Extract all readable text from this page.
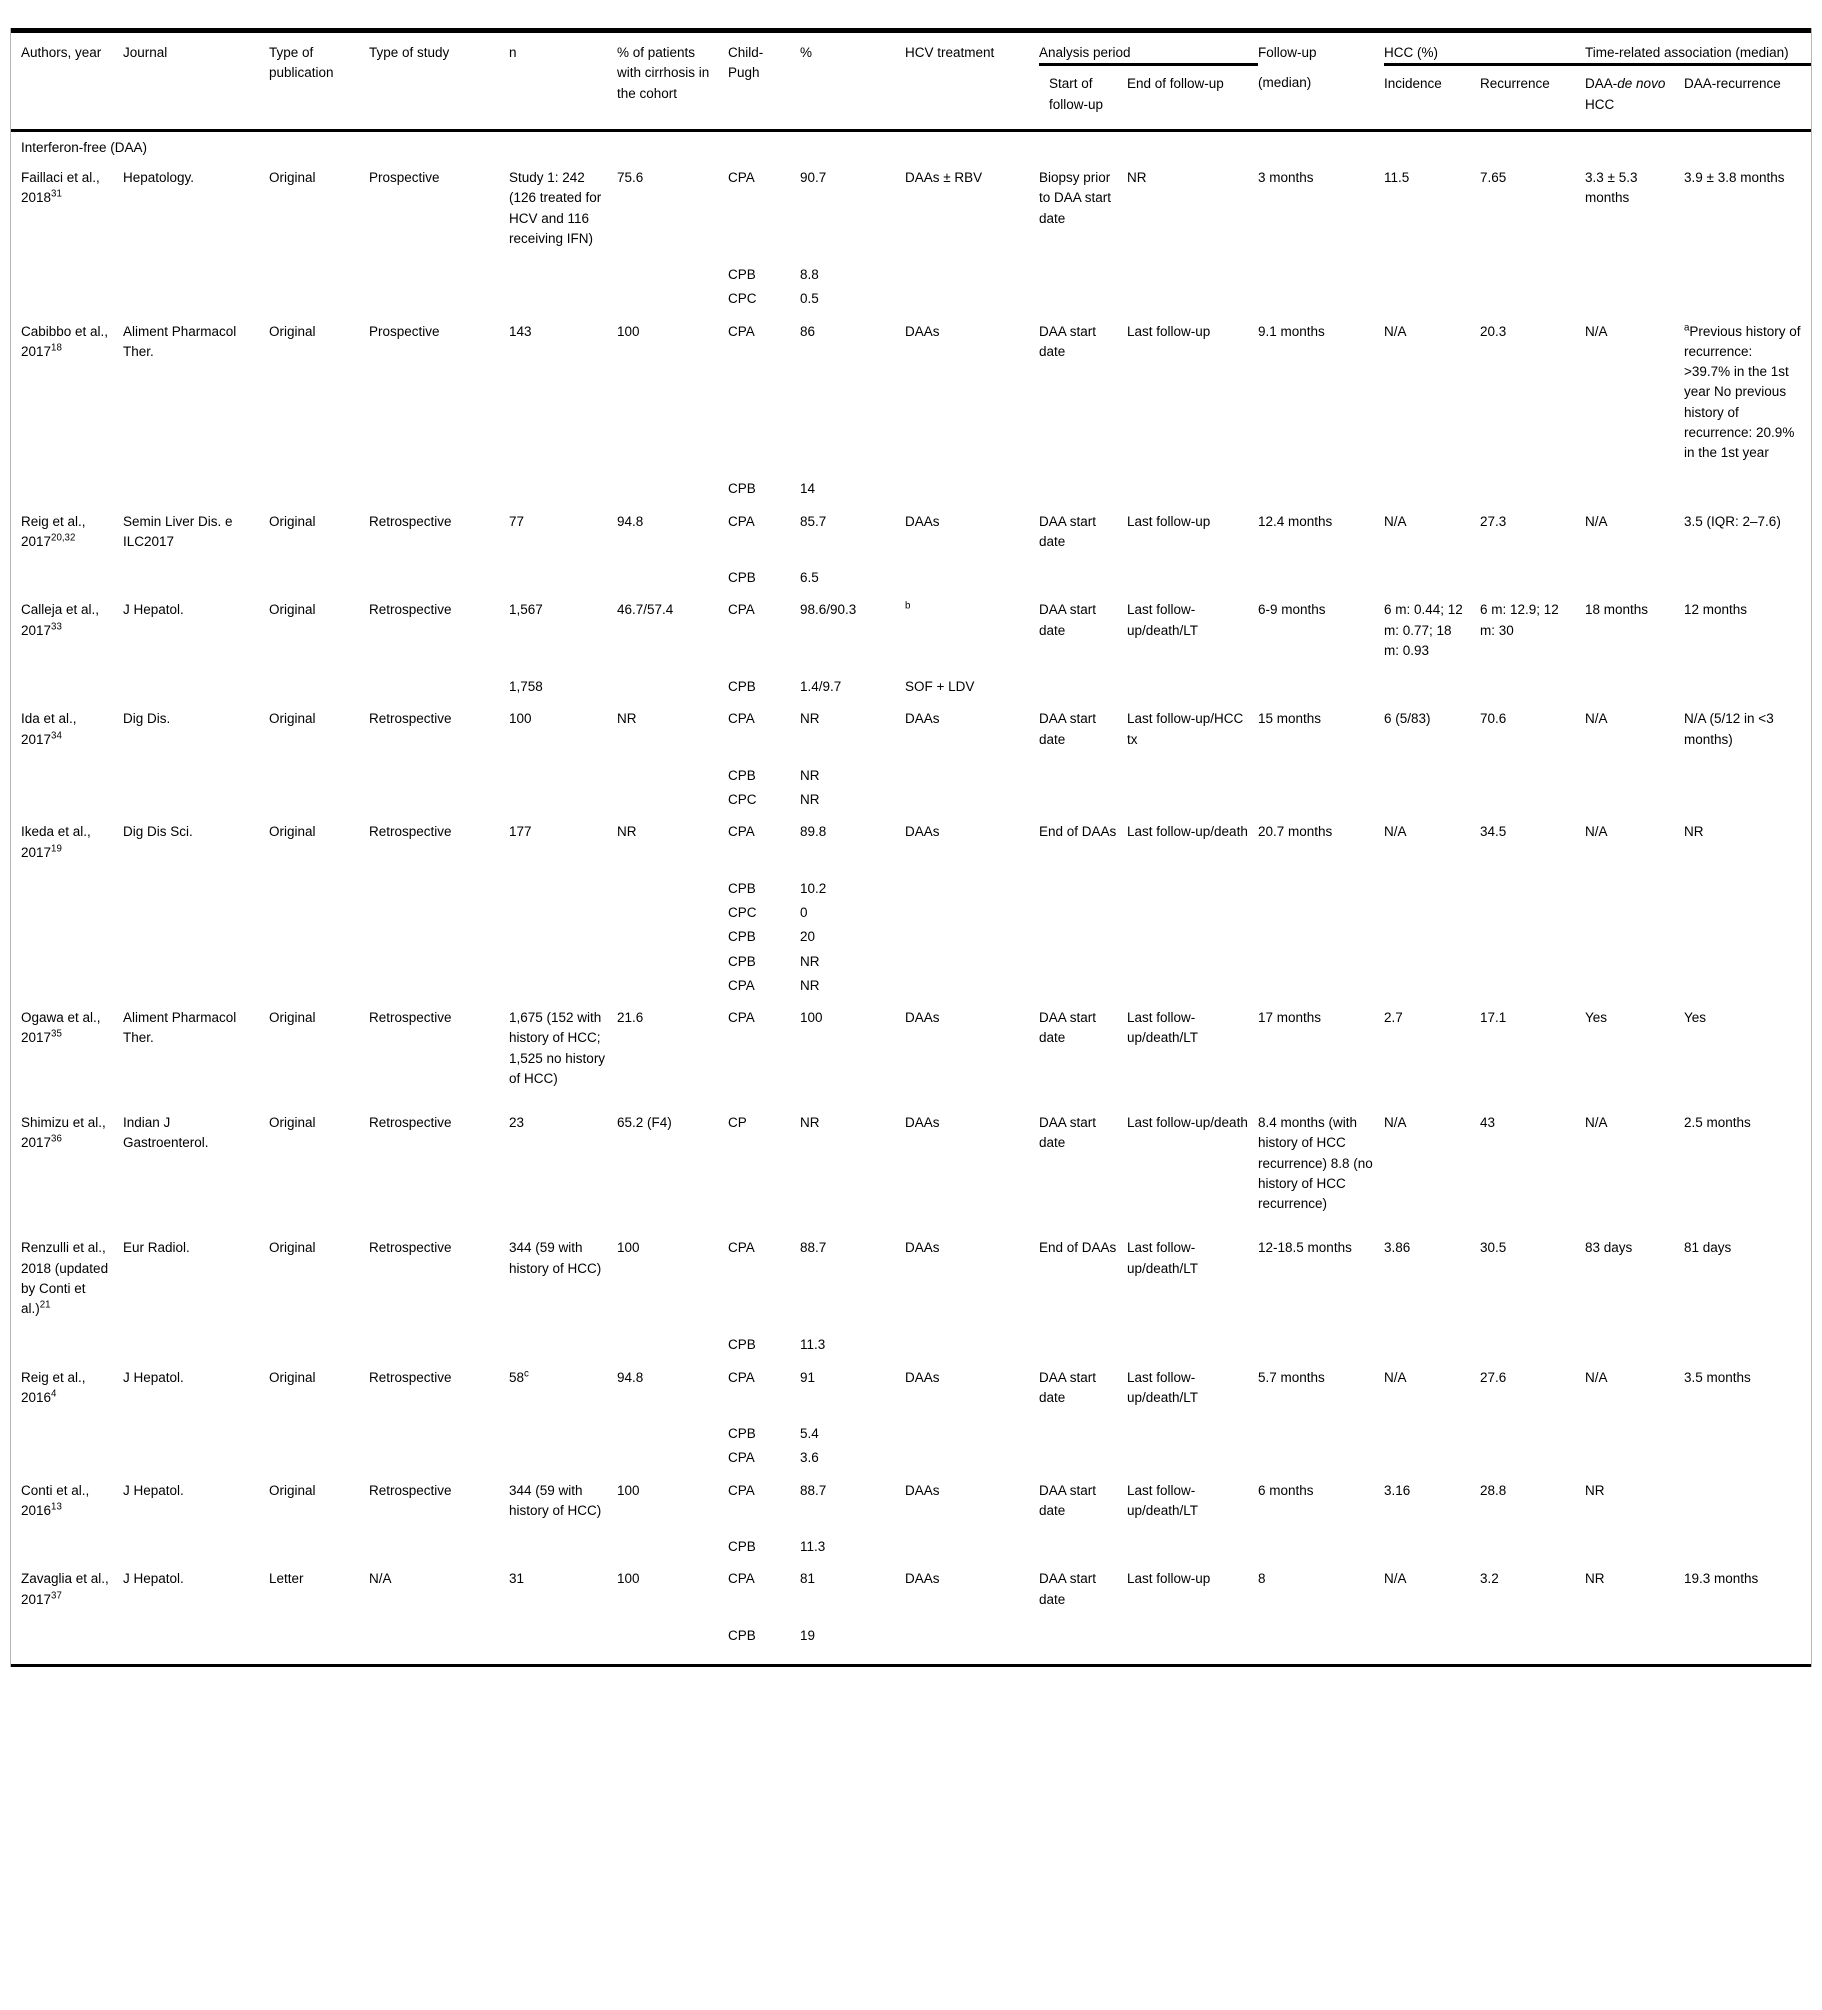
Authors, year	Journal	Type of publication	Type of study	n	% of patients with cirrhosis in the cohort	Child-Pugh	%	HCV treatment	Analysis period		Follow-up	HCC (%)		Time-related association (median)	
									Start of follow-up	End of follow-up	(median)	Incidence	Recurrence	DAA-de novo HCC	DAA-recurrence
Interferon-free (DAA)															
Faillaci et al., 2018$^{31}$	Hepatology.	Original	Prospective	Study 1: 242 (126 treated for HCV and 116 receiving IFN)	75.6	CPA	90.7	DAAs ± RBV	Biopsy prior to DAA start date	NR	3 months	11.5	7.65	3.3 ± 5.3 months	3.9 ± 3.8 months
						CPB	8.8								
						CPC	0.5								
Cabibbo et al., 2017$^{18}$	Aliment Pharmacol Ther.	Original	Prospective	143	100	CPA	86	DAAs	DAA start date	Last follow-up	9.1 months	N/A	20.3	N/A	$^a$Previous history of recurrence: >39.7% in the 1st year No previous history of recurrence: 20.9% in the 1st year
						CPB	14								
Reig et al., 2017$^{20,32}$	Semin Liver Dis. e ILC2017	Original	Retrospective	77	94.8	CPA	85.7	DAAs	DAA start date	Last follow-up	12.4 months	N/A	27.3	N/A	3.5 (IQR: 2–7.6)
						CPB	6.5								
Calleja et al., 2017$^{33}$	J Hepatol.	Original	Retrospective	1,567	46.7/57.4	CPA	98.6/90.3	$^b$	DAA start date	Last follow-up/death/LT	6-9 months	6 m: 0.44; 12 m: 0.77; 18 m: 0.93	6 m: 12.9; 12 m: 30	18 months	12 months
				1,758		CPB	1.4/9.7	SOF + LDV							
Ida et al., 2017$^{34}$	Dig Dis.	Original	Retrospective	100	NR	CPA	NR	DAAs	DAA start date	Last follow-up/HCC tx	15 months	6 (5/83)	70.6	N/A	N/A (5/12 in <3 months)
						CPB	NR								
						CPC	NR								
Ikeda et al., 2017$^{19}$	Dig Dis Sci.	Original	Retrospective	177	NR	CPA	89.8	DAAs	End of DAAs	Last follow-up/death	20.7 months	N/A	34.5	N/A	NR
						CPB	10.2								
						CPC	0								
						CPB	20								
						CPB	NR								
						CPA	NR								
Ogawa et al., 2017$^{35}$	Aliment Pharmacol Ther.	Original	Retrospective	1,675 (152 with history of HCC; 1,525 no history of HCC)	21.6	CPA	100	DAAs	DAA start date	Last follow-up/death/LT	17 months	2.7	17.1	Yes	Yes
Shimizu et al., 2017$^{36}$	Indian J Gastroenterol.	Original	Retrospective	23	65.2 (F4)	CP	NR	DAAs	DAA start date	Last follow-up/death	8.4 months (with history of HCC recurrence) 8.8 (no history of HCC recurrence)	N/A	43	N/A	2.5 months
Renzulli et al., 2018 (updated by Conti et al.)$^{21}$	Eur Radiol.	Original	Retrospective	344 (59 with history of HCC)	100	CPA	88.7	DAAs	End of DAAs	Last follow-up/death/LT	12-18.5 months	3.86	30.5	83 days	81 days
						CPB	11.3								
Reig et al., 2016$^4$	J Hepatol.	Original	Retrospective	58$^c$	94.8	CPA	91	DAAs	DAA start date	Last follow-up/death/LT	5.7 months	N/A	27.6	N/A	3.5 months
						CPB	5.4								
						CPA	3.6								
Conti et al., 2016$^{13}$	J Hepatol.	Original	Retrospective	344 (59 with history of HCC)	100	CPA	88.7	DAAs	DAA start date	Last follow-up/death/LT	6 months	3.16	28.8	NR	
						CPB	11.3								
Zavaglia et al., 2017$^{37}$	J Hepatol.	Letter	N/A	31	100	CPA	81	DAAs	DAA start date	Last follow-up	8	N/A	3.2	NR	19.3 months
						CPB	19								
